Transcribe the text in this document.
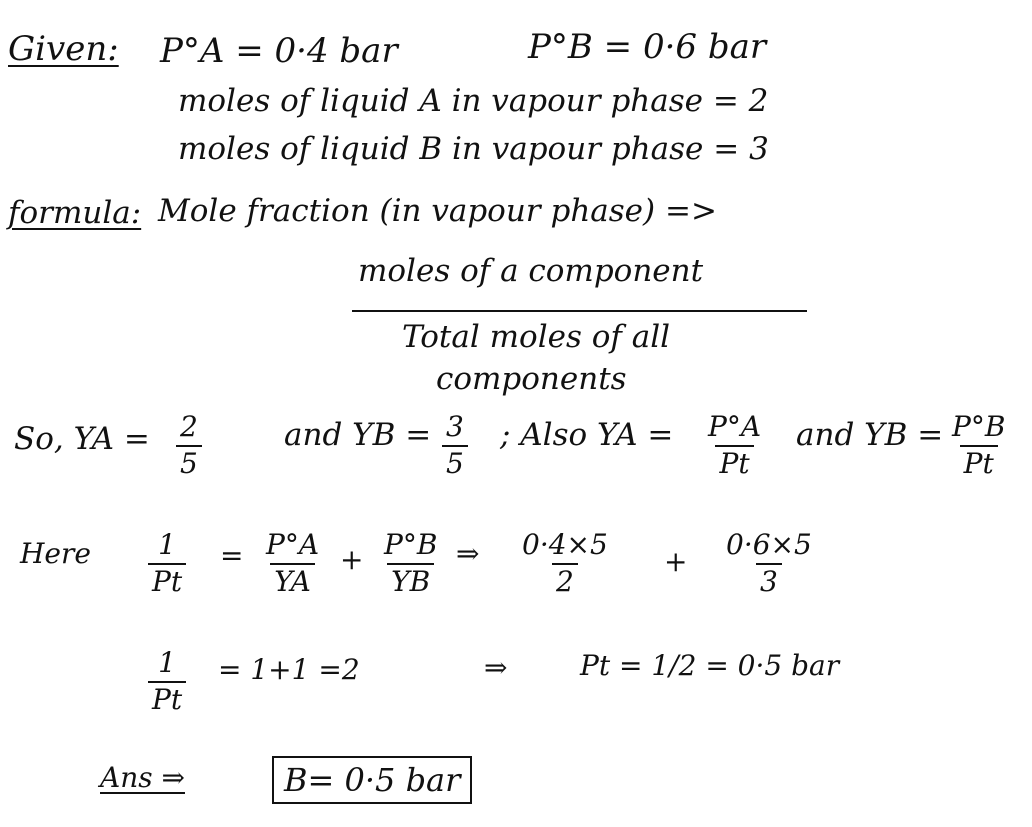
Given: P°A = 0·4 bar	P°B = 0·6 bar
moles of liquid A in vapour phase = 2
moles of liquid B in vapour phase = 3
formula: Mole fraction (in vapour phase) =>
moles of a component
Total moles of all
components
So, YA = $\frac{2}{5}$	and YB = $\frac{3}{5}$ ; Also YA = $\frac{P^\circ A}{Pt}$ and YB = $\frac{P^\circ B}{Pt}$
Here $\frac{1}{Pt} = \frac{P^\circ A}{YA} + \frac{P^\circ B}{YB}$ ⇒ $\frac{0\cdot 4\times 5}{2} + \frac{0\cdot 6\times 5}{3}$
$\frac{1}{Pt} = 1+1 =2$	⇒	Pt = 1/2 = 0·5 bar
Ans ⇒	B= 0·5 bar
